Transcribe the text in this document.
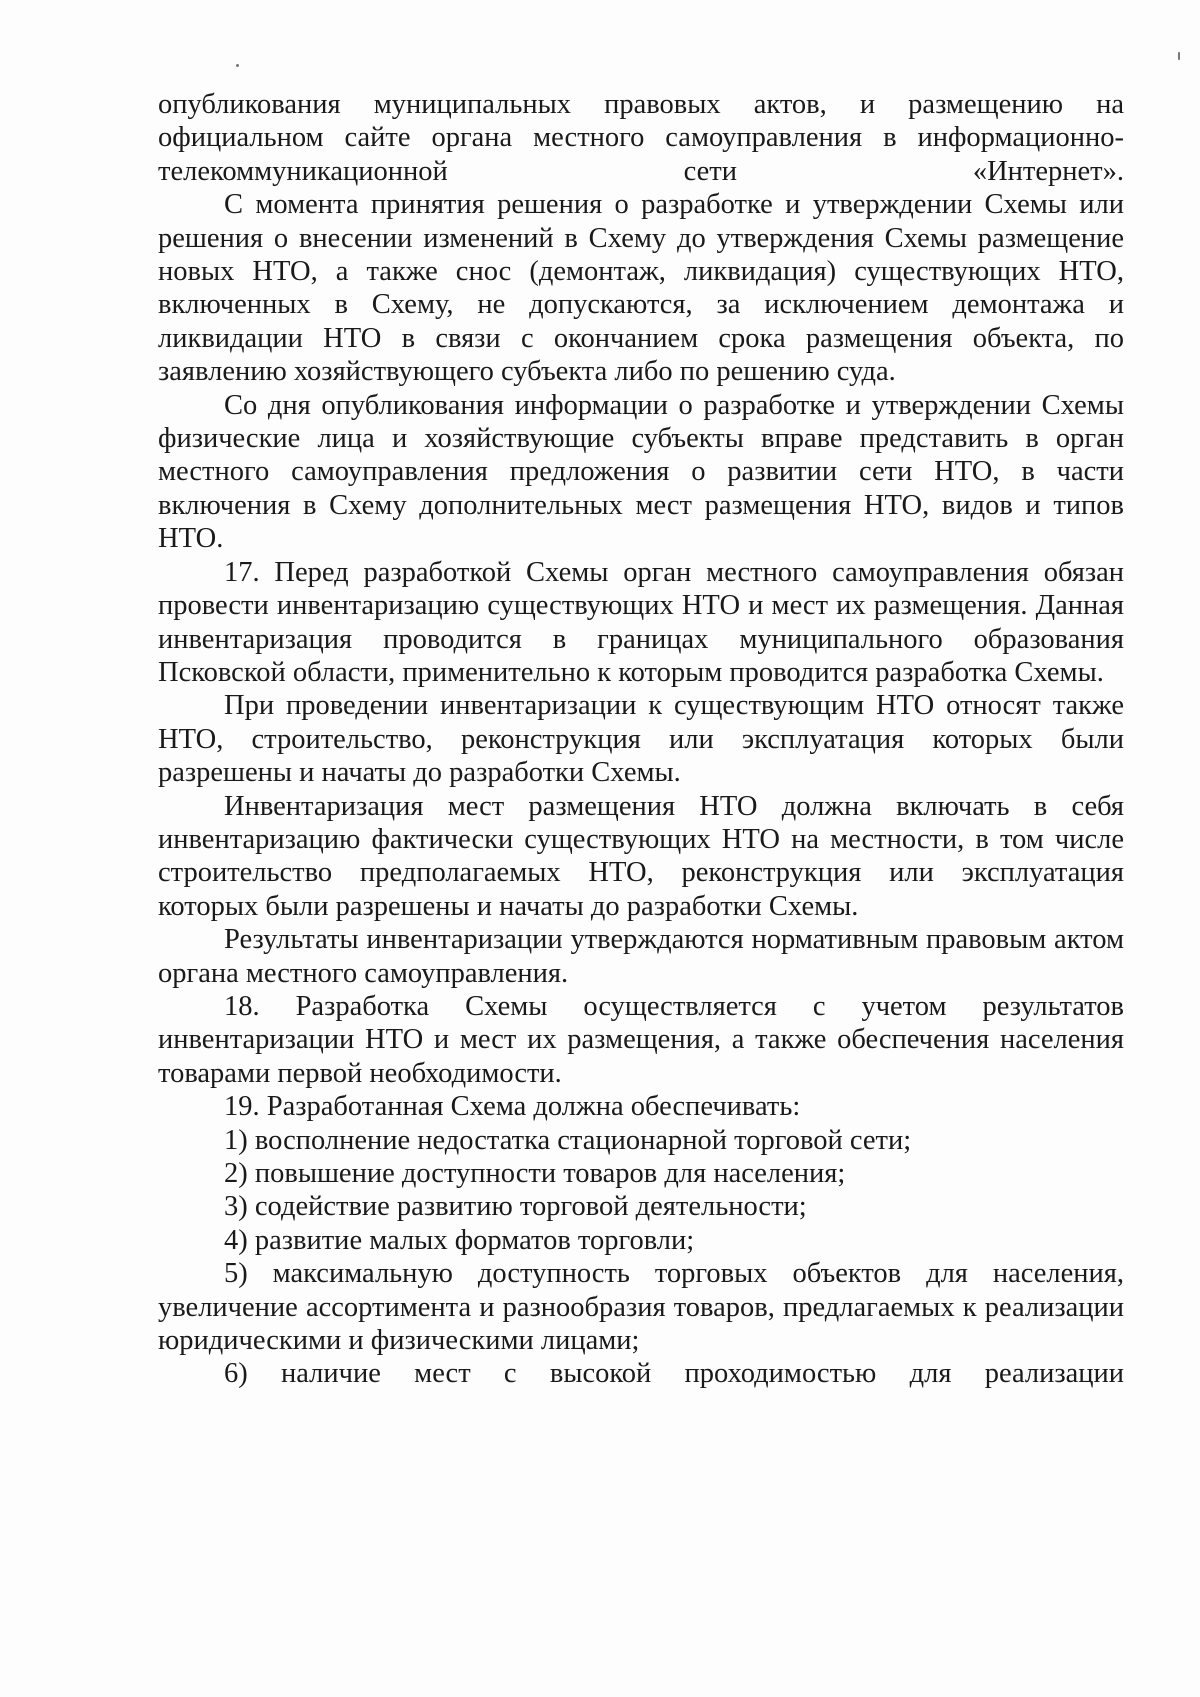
опубликования муниципальных правовых актов, и размещению на официальном сайте органа местного самоуправления в информационно-телекоммуникационной сети «Интернет».

С момента принятия решения о разработке и утверждении Схемы или решения о внесении изменений в Схему до утверждения Схемы размещение новых НТО, а также снос (демонтаж, ликвидация) существующих НТО, включенных в Схему, не допускаются, за исключением демонтажа и ликвидации НТО в связи с окончанием срока размещения объекта, по заявлению хозяйствующего субъекта либо по решению суда.

Со дня опубликования информации о разработке и утверждении Схемы физические лица и хозяйствующие субъекты вправе представить в орган местного самоуправления предложения о развитии сети НТО, в части включения в Схему дополнительных мест размещения НТО, видов и типов НТО.

17. Перед разработкой Схемы орган местного самоуправления обязан провести инвентаризацию существующих НТО и мест их размещения. Данная инвентаризация проводится в границах муниципального образования Псковской области, применительно к которым проводится разработка Схемы.

При проведении инвентаризации к существующим НТО относят также НТО, строительство, реконструкция или эксплуатация которых были разрешены и начаты до разработки Схемы.

Инвентаризация мест размещения НТО должна включать в себя инвентаризацию фактически существующих НТО на местности, в том числе строительство предполагаемых НТО, реконструкция или эксплуатация которых были разрешены и начаты до разработки Схемы.

Результаты инвентаризации утверждаются нормативным правовым актом органа местного самоуправления.

18. Разработка Схемы осуществляется с учетом результатов инвентаризации НТО и мест их размещения, а также обеспечения населения товарами первой необходимости.

19. Разработанная Схема должна обеспечивать:

1) восполнение недостатка стационарной торговой сети;

2) повышение доступности товаров для населения;

3) содействие развитию торговой деятельности;

4) развитие малых форматов торговли;

5) максимальную доступность торговых объектов для населения, увеличение ассортимента и разнообразия товаров, предлагаемых к реализации юридическими и физическими лицами;

6) наличие мест с высокой проходимостью для реализации
